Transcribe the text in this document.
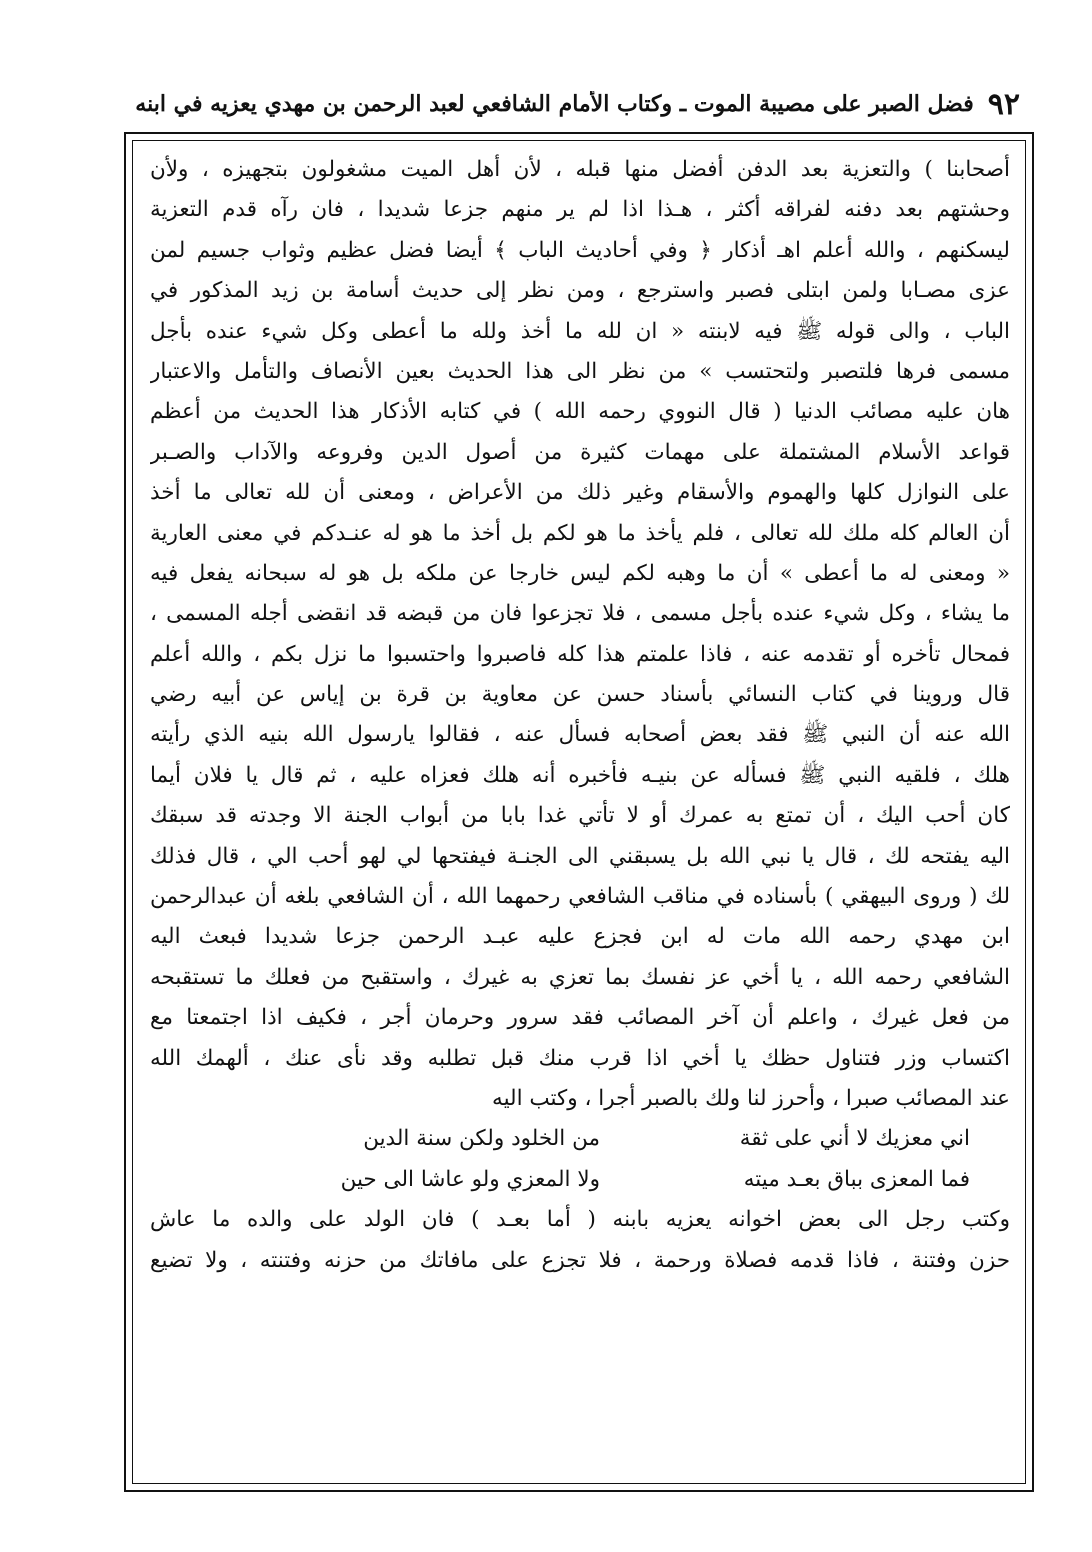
٩٢
فضل الصبر على مصيبة الموت ـ وكتاب الأمام الشافعي لعبد الرحمن بن مهدي يعزيه في ابنه
أصحابنا ) والتعزية بعد الدفن أفضل منها قبله ، لأن أهل الميت مشغولون بتجهيزه ، ولأن
وحشتهم بعد دفنه لفراقه أكثر ، هـذا اذا لم ير منهم جزعا شديدا ، فان رآه قدم التعزية
ليسكنهم ، والله أعلم اهـ أذكار ﴿ وفي أحاديث الباب ﴾ أيضا فضل عظيم وثواب جسيم لمن
عزى مصـابا ولمن ابتلى فصبر واسترجع ، ومن نظر إلى حديث أسامة بن زيد المذكور في
الباب ، والى قوله ﷺ فيه لابنته « ان لله ما أخذ ولله ما أعطى وكل شيء عنده بأجل
مسمى فرها فلتصبر ولتحتسب » من نظر الى هذا الحديث بعين الأنصاف والتأمل والاعتبار
هان عليه مصائب الدنيا ( قال النووي رحمه الله ) في كتابه الأذكار هذا الحديث من أعظم
قواعد الأسلام المشتملة على مهمات كثيرة من أصول الدين وفروعه والآداب والصـبر
على النوازل كلها والهموم والأسقام وغير ذلك من الأعراض ، ومعنى أن لله تعالى ما أخذ
أن العالم كله ملك لله تعالى ، فلم يأخذ ما هو لكم بل أخذ ما هو له عنـدكم في معنى العارية
« ومعنى له ما أعطى » أن ما وهبه لكم ليس خارجا عن ملكه بل هو له سبحانه يفعل فيه
ما يشاء ، وكل شيء عنده بأجل مسمى ، فلا تجزعوا فان من قبضه قد انقضى أجله المسمى ،
فمحال تأخره أو تقدمه عنه ، فاذا علمتم هذا كله فاصبروا واحتسبوا ما نزل بكم ، والله أعلم
قال وروينا في كتاب النسائي بأسناد حسن عن معاوية بن قرة بن إياس عن أبيه رضي
الله عنه أن النبي ﷺ فقد بعض أصحابه فسأل عنه ، فقالوا يارسول الله بنيه الذي رأيته
هلك ، فلقيه النبي ﷺ فسأله عن بنيـه فأخبره أنه هلك فعزاه عليه ، ثم قال يا فلان أيما
كان أحب اليك ، أن تمتع به عمرك أو لا تأتي غدا بابا من أبواب الجنة الا وجدته قد سبقك
اليه يفتحه لك ، قال يا نبي الله بل يسبقني الى الجنـة فيفتحها لي لهو أحب الي ، قال فذلك
لك ( وروى البيهقي ) بأسناده في مناقب الشافعي رحمهما الله ، أن الشافعي بلغه أن عبدالرحمن
ابن مهدي رحمه الله مات له ابن فجزع عليه عبـد الرحمن جزعا شديدا فبعث اليه
الشافعي رحمه الله ، يا أخي عز نفسك بما تعزي به غيرك ، واستقبح من فعلك ما تستقبحه
من فعل غيرك ، واعلم أن آخر المصائب فقد سرور وحرمان أجر ، فكيف اذا اجتمعتا مع
اكتساب وزر فتناول حظك يا أخي اذا قرب منك قبل تطلبه وقد نأى عنك ، ألهمك الله
عند المصائب صبرا ، وأحرز لنا ولك بالصبر أجرا ، وكتب اليه
اني معزيك لا أني على ثقة
من الخلود ولكن سنة الدين
فما المعزى بباق بعـد ميته
ولا المعزي ولو عاشا الى حين
وكتب رجل الى بعض اخوانه يعزيه بابنه ( أما بعـد ) فان الولد على والده ما عاش
حزن وفتنة ، فاذا قدمه فصلاة ورحمة ، فلا تجزع على مافاتك من حزنه وفتنته ، ولا تضيع
